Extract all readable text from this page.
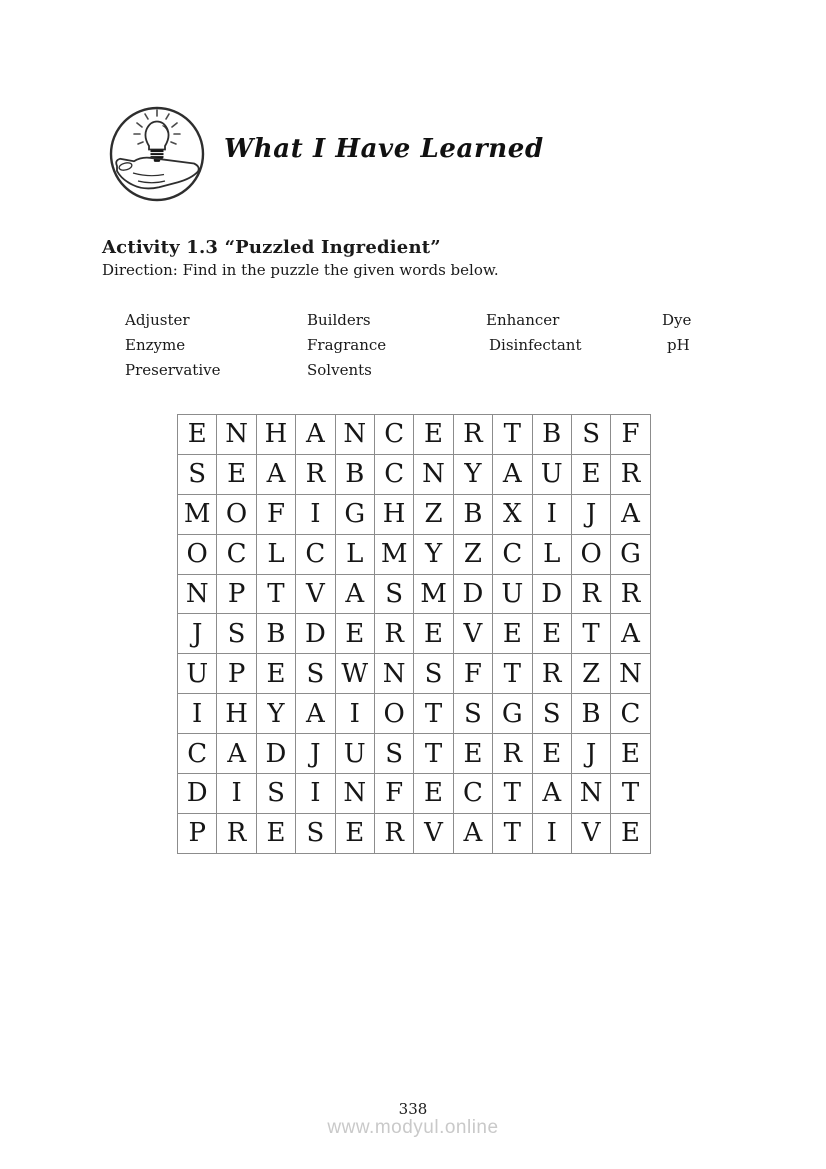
What I Have Learned
Activity 1.3 “Puzzled Ingredient”
Direction: Find in the puzzle the given words below.
Adjuster	Builders	Enhancer	Dye
Enzyme	Fragrance	Disinfectant	pH
Preservative	Solvents
E	N	H	A	N	C	E	R	T	B	S	F
S	E	A	R	B	C	N	Y	A	U	E	R
M	O	F	I	G	H	Z	B	X	I	J	A
O	C	L	C	L	M	Y	Z	C	L	O	G
N	P	T	V	A	S	M	D	U	D	R	R
J	S	B	D	E	R	E	V	E	E	T	A
U	P	E	S	W	N	S	F	T	R	Z	N
I	H	Y	A	I	O	T	S	G	S	B	C
C	A	D	J	U	S	T	E	R	E	J	E
D	I	S	I	N	F	E	C	T	A	N	T
P	R	E	S	E	R	V	A	T	I	V	E
338
www.modyul.online
